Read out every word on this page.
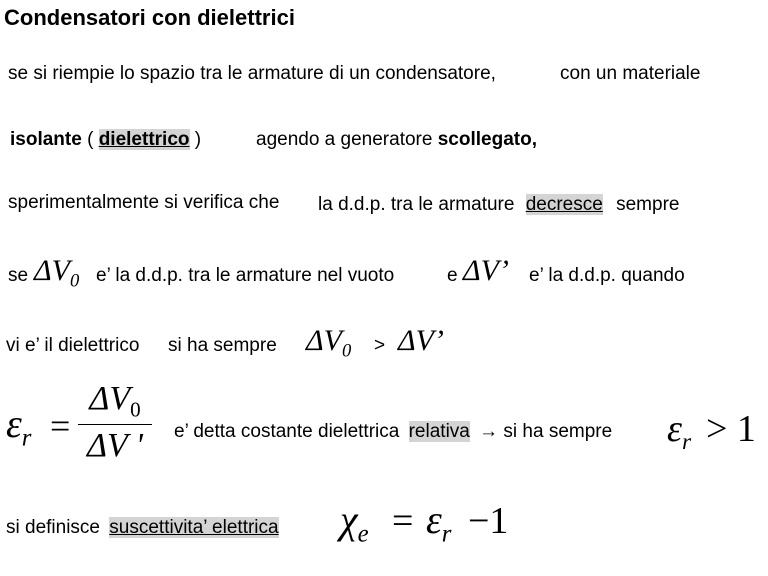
Condensatori con dielettrici
se si riempie lo spazio tra le armature di un condensatore,	con un materiale
isolante ( dielettrico )	agendo a generatore scollegato,
sperimentalmente si verifica che la d.d.p. tra le armature decresce sempre
se $\Delta V_0$ e’ la d.d.p. tra le armature nel vuoto	e ΔV’ e’ la d.d.p. quando
vi e’ il dielettrico si ha sempre $\Delta V_0 > \Delta V$’
$\varepsilon_r$ =
$\Delta V_0$
ΔV '	e’ detta costante dielettrica relativa → si ha sempre $\varepsilon_r > 1$
si definisce suscettivita’ elettrica $\chi_e = \varepsilon_r -1$
